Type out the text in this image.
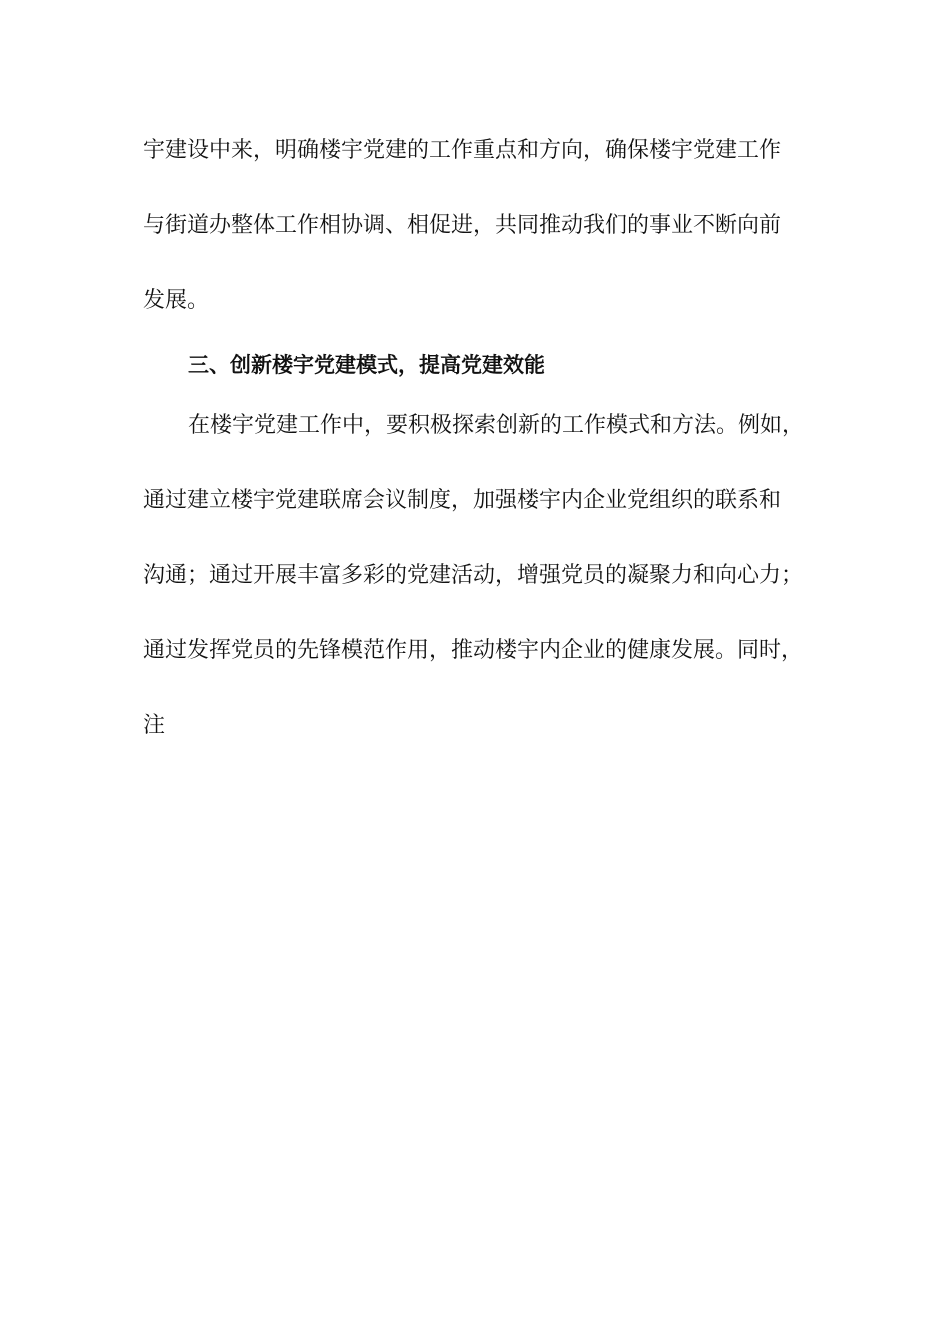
宇建设中来，明确楼宇党建的工作重点和方向，确保楼宇党建工作
与街道办整体工作相协调、相促进，共同推动我们的事业不断向前
发展。
三、创新楼宇党建模式，提高党建效能
在楼宇党建工作中，要积极探索创新的工作模式和方法。例如，
通过建立楼宇党建联席会议制度，加强楼宇内企业党组织的联系和
沟通；通过开展丰富多彩的党建活动，增强党员的凝聚力和向心力；
通过发挥党员的先锋模范作用，推动楼宇内企业的健康发展。同时，
注
